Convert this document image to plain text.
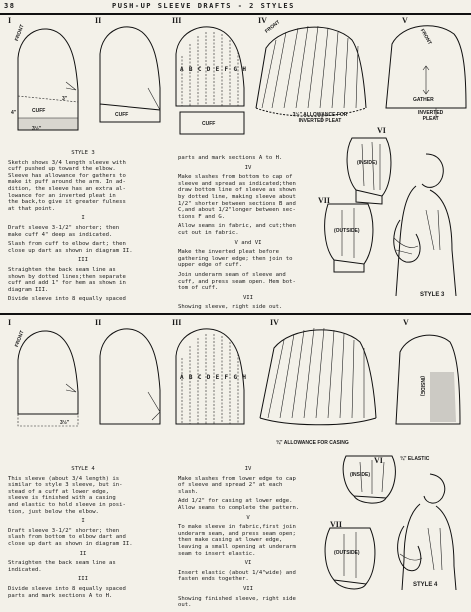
38	PUSH-UP SLEEVE DRAFTS - 2 STYLES
I	II	III	IV	V
VI
VII
FRONT
CUFF
3"
4"
3½"
CUFF
A B C D E F G H
CUFF
FRONT
3½" ALLOWANCE FOR
INVERTED PLEAT
FRONT
GATHER
INVERTED
PLEAT
(INSIDE)
(OUTSIDE)
STYLE 3

STYLE 3

Sketch shows 3/4 length sleeve with
cuff pushed up toward the elbow.
Sleeve has allowance for gathers to
make it puff around the arm. In ad-
dition, the sleeve has an extra al-
lowance for an inverted pleat in
the back,to give it greater fulness
at that point.

I

Draft sleeve 3-1/2" shorter; then
make cuff 4" deep as indicated.

Slash from cuff to elbow dart; then
close up dart as shown in diagram II.

III

Straighten the back seam line as
shown by dotted lines;then separate
cuff and add 1" for hem as shown in
diagram III.

Divide sleeve into 8 equally spaced

parts and mark sections A to H.

IV

Make slashes from bottom to cap of
sleeve and spread as indicated;then
draw bottom line of sleeve as shown
by dotted line, making sleeve about
1/2" shorter between sections B and
C,and about 1/2"longer between sec-
tions F and G.

Allow seams in fabric, and cut;then
cut out in fabric.

V and VI

Make the inverted pleat before
gathering lower edge; then join to
upper edge of cuff.

Join underarm seam of sleeve and
cuff, and press seam open. Hem bot-
tom of cuff.

VII

Showing sleeve, right side out.

I	II	III	IV	V
VI
VII
FRONT
3½"
A B C D E F G H
¾" ALLOWANCE FOR CASING
(INSIDE)
(INSIDE)
¾" ELASTIC
(OUTSIDE)
STYLE 4

STYLE 4

This sleeve (about 3/4 length) is
similar to style 3 sleeve, but in-
stead of a cuff at lower edge,
sleeve is finished with a casing
and elastic to hold sleeve in posi-
tion, just below the elbow.

I

Draft sleeve 3-1/2" shorter; then
slash from bottom to elbow dart and
close up dart as shown in diagram II.

II

Straighten the back seam line as
indicated.

III

Divide sleeve into 8 equally spaced
parts and mark sections A to H.

IV

Make slashes from lower edge to cap
of sleeve and spread 2" at each
slash.

Add 1/2" for casing at lower edge.
Allow seams to complete the pattern.

V

To make sleeve in fabric,first join
underarm seam, and press seam open;
then make casing at lower edge,
leaving a small opening at underarm
seam to insert elastic.

VI

Insert elastic (about 1/4"wide) and
fasten ends together.

VII

Showing finished sleeve, right side
out.
